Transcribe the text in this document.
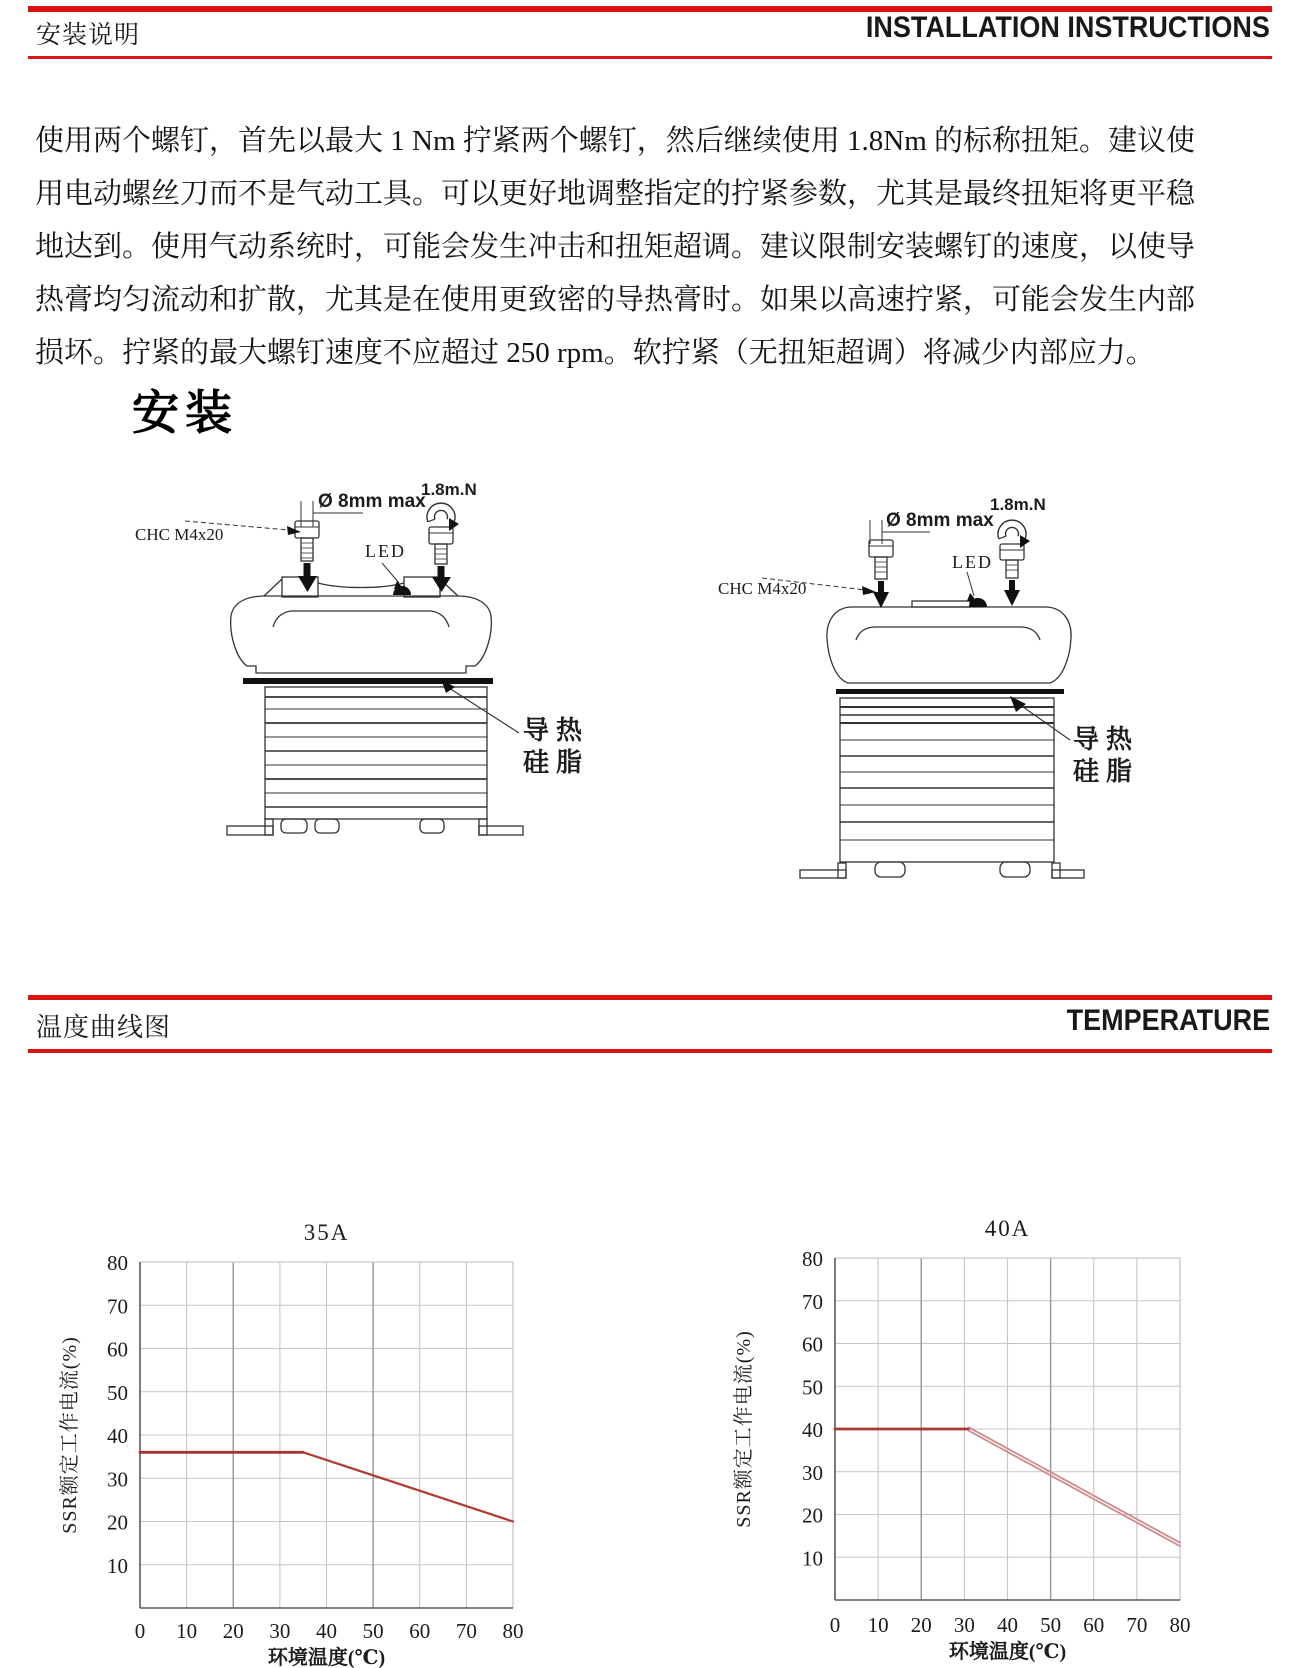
安装说明	INSTALLATION INSTRUCTIONS

使用两个螺钉，首先以最大 1 Nm 拧紧两个螺钉，然后继续使用 1.8Nm 的标称扭矩。建议使用电动螺丝刀而不是气动工具。可以更好地调整指定的拧紧参数，尤其是最终扭矩将更平稳地达到。使用气动系统时，可能会发生冲击和扭矩超调。建议限制安装螺钉的速度，以使导热膏均匀流动和扩散，尤其是在使用更致密的导热膏时。如果以高速拧紧，可能会发生内部损坏。拧紧的最大螺钉速度不应超过 250 rpm。软拧紧（无扭矩超调）将减少内部应力。

安装
CHC M4x20
Ø 8mm max
1.8m.N
LED
导热
硅脂
CHC M4x20
Ø 8mm max
1.8m.N
LED
导热
硅脂
温度曲线图	TEMPERATURE
10
20
30
40
50
60
70
80
0 10 20 30 40 50 60 70 80
35A
环境温度(℃)
SSR额定工作电流(%)
10
20
30
40
50
60
70
80
0 10 20 30 40 50 60 70 80
40A
环境温度(℃)
SSR额定工作电流(%)
